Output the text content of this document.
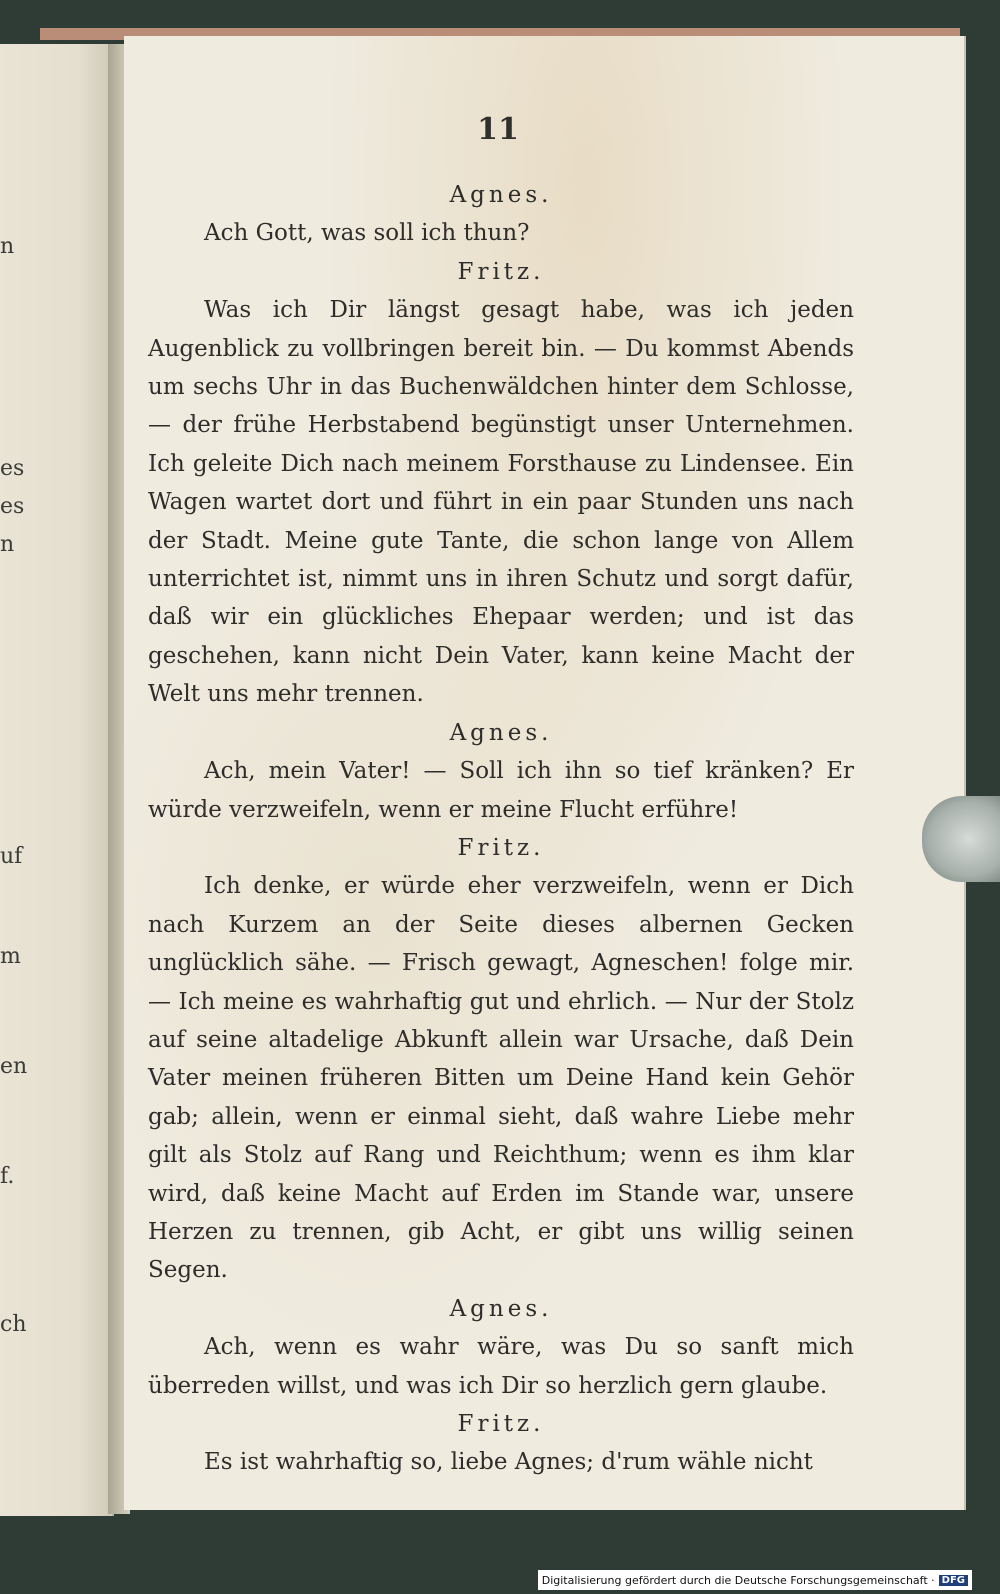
n
es
es
n
uf
m
en
f.
ch
11

Agnes.

Ach Gott, was soll ich thun?

Fritz.

Was ich Dir längst gesagt habe, was ich jeden Augenblick zu vollbringen bereit bin. — Du kommst Abends um sechs Uhr in das Buchenwäldchen hinter dem Schlosse, — der frühe Herbstabend begünstigt unser Unternehmen. Ich geleite Dich nach meinem Forsthause zu Lindensee. Ein Wagen wartet dort und führt in ein paar Stunden uns nach der Stadt. Meine gute Tante, die schon lange von Allem unterrichtet ist, nimmt uns in ihren Schutz und sorgt dafür, daß wir ein glückliches Ehepaar werden; und ist das geschehen, kann nicht Dein Vater, kann keine Macht der Welt uns mehr trennen.

Agnes.

Ach, mein Vater! — Soll ich ihn so tief kränken? Er würde verzweifeln, wenn er meine Flucht erführe!

Fritz.

Ich denke, er würde eher verzweifeln, wenn er Dich nach Kurzem an der Seite dieses albernen Gecken unglücklich sähe. — Frisch gewagt, Agneschen! folge mir. — Ich meine es wahrhaftig gut und ehrlich. — Nur der Stolz auf seine altadelige Abkunft allein war Ursache, daß Dein Vater meinen früheren Bitten um Deine Hand kein Gehör gab; allein, wenn er einmal sieht, daß wahre Liebe mehr gilt als Stolz auf Rang und Reichthum; wenn es ihm klar wird, daß keine Macht auf Erden im Stande war, unsere Herzen zu trennen, gib Acht, er gibt uns willig seinen Segen.

Agnes.

Ach, wenn es wahr wäre, was Du so sanft mich überreden willst, und was ich Dir so herzlich gern glaube.

Fritz.

Es ist wahrhaftig so, liebe Agnes; d'rum wähle nicht

Digitalisierung gefördert durch die Deutsche Forschungsgemeinschaft · DFG
